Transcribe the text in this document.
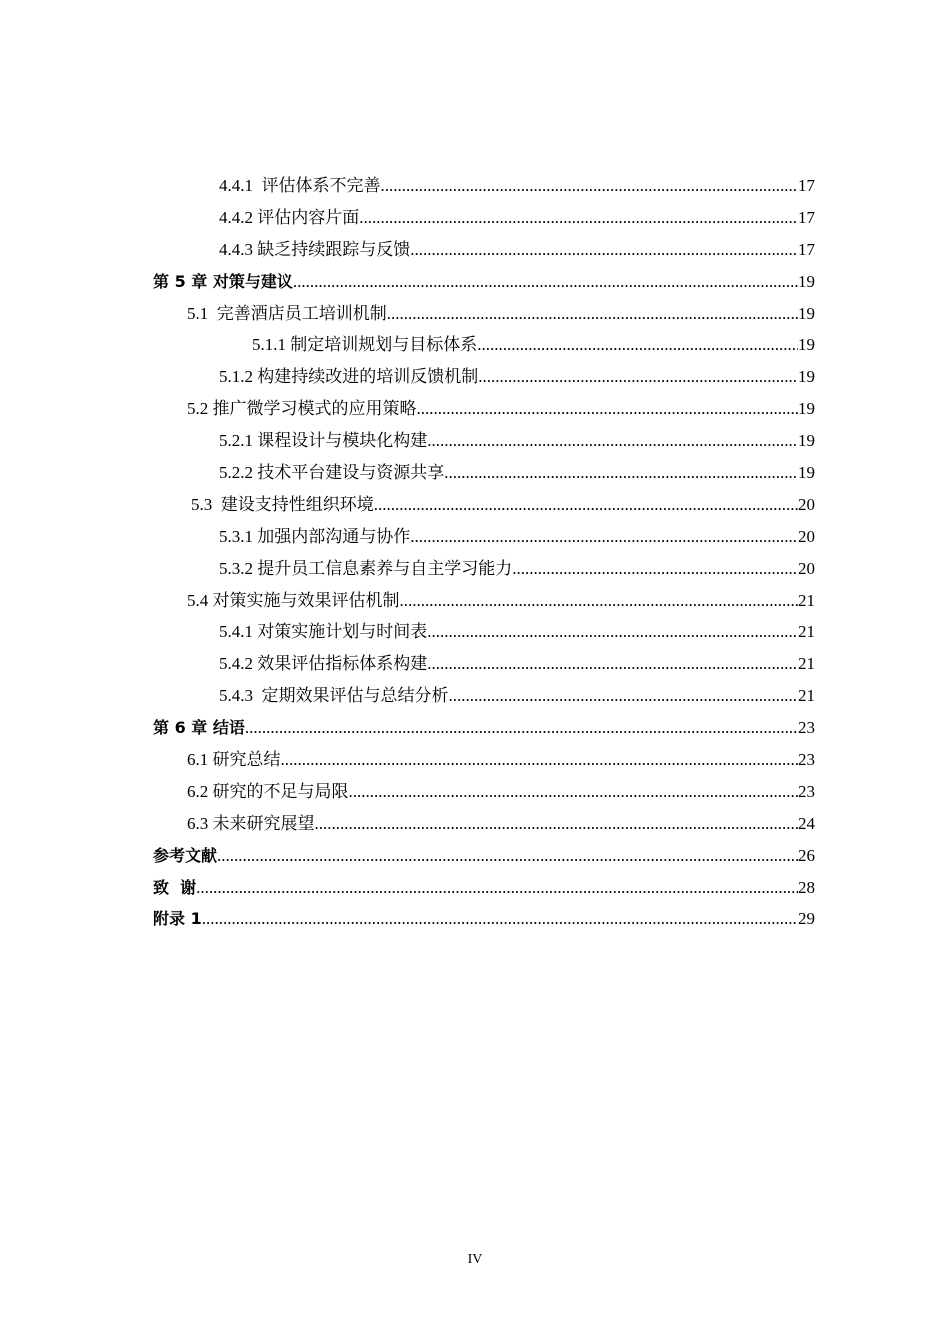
4.4.1  评估体系不完善 .....	17
4.4.2 评估内容片面 .....	17
4.4.3 缺乏持续跟踪与反馈 .....	17
第 5 章 对策与建议 .....	19
5.1  完善酒店员工培训机制 .....	19
5.1.1 制定培训规划与目标体系 .....	19
5.1.2 构建持续改进的培训反馈机制 .....	19
5.2 推广微学习模式的应用策略 .....	19
5.2.1 课程设计与模块化构建 .....	19
5.2.2 技术平台建设与资源共享 .....	19
5.3  建设支持性组织环境 .....	20
5.3.1 加强内部沟通与协作 .....	20
5.3.2 提升员工信息素养与自主学习能力 .....	20
5.4 对策实施与效果评估机制 .....	21
5.4.1 对策实施计划与时间表 .....	21
5.4.2 效果评估指标体系构建 .....	21
5.4.3  定期效果评估与总结分析 .....	21
第 6 章 结语 .....	23
6.1 研究总结 .....	23
6.2 研究的不足与局限 .....	23
6.3 未来研究展望 .....	24
参考文献 .....	26
致  谢 .....	28
附录 1 .....	29
IV
